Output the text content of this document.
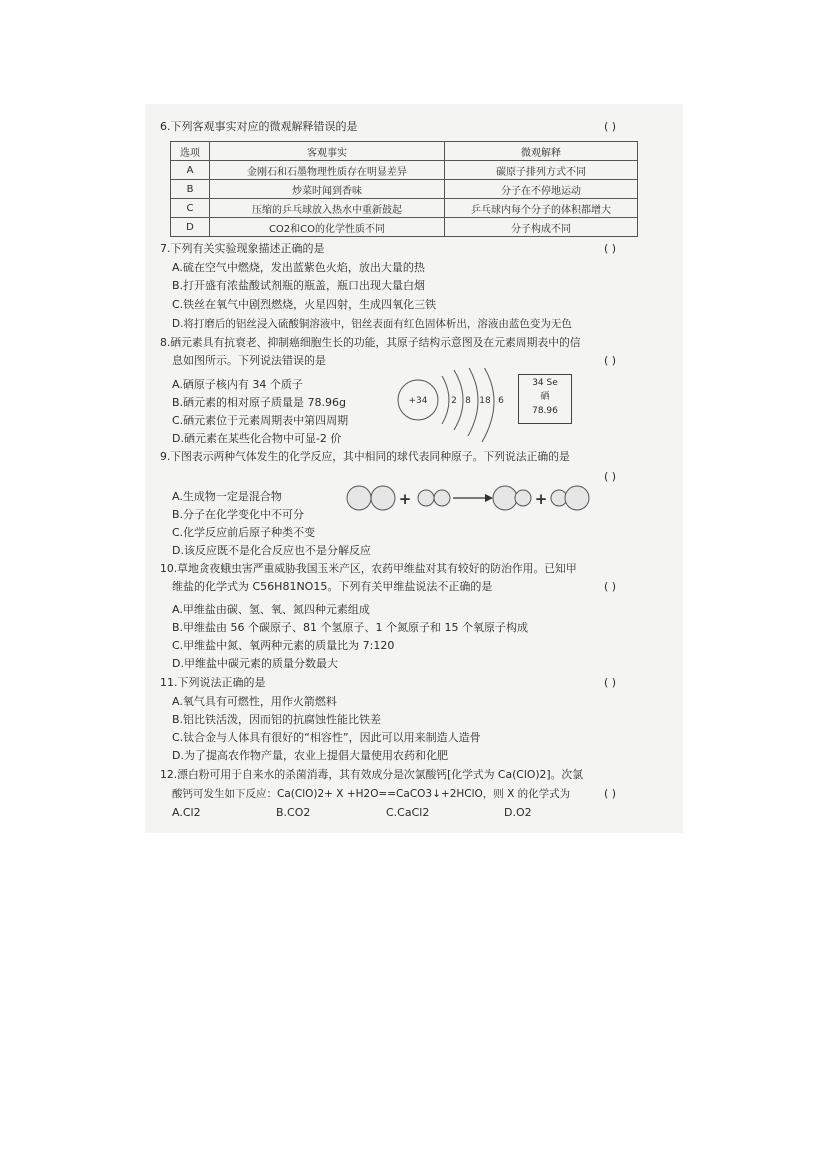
6.下列客观事实对应的微观解释错误的是	( )
选项	客观事实	微观解释
A	金刚石和石墨物理性质存在明显差异	碳原子排列方式不同
B	炒菜时闻到香味	分子在不停地运动
C	压缩的乒乓球放入热水中重新鼓起	乒乓球内每个分子的体积都增大
D	CO2和CO的化学性质不同	分子构成不同
7.下列有关实验现象描述正确的是	( )
A.硫在空气中燃烧，发出蓝紫色火焰，放出大量的热
B.打开盛有浓盐酸试剂瓶的瓶盖，瓶口出现大量白烟
C.铁丝在氧气中剧烈燃烧，火星四射，生成四氧化三铁
D.将打磨后的铝丝浸入硫酸铜溶液中，铝丝表面有红色固体析出，溶液由蓝色变为无色
8.硒元素具有抗衰老、抑制癌细胞生长的功能，其原子结构示意图及在元素周期表中的信
息如图所示。下列说法错误的是	( )
A.硒原子核内有 34 个质子
B.硒元素的相对原子质量是 78.96g
C.硒元素位于元素周期表中第四周期
D.硒元素在某些化合物中可显-2 价
+34	2 8 18 6
34 Se
硒
78.96
9.下图表示两种气体发生的化学反应，其中相同的球代表同种原子。下列说法正确的是
( )
A.生成物一定是混合物
B.分子在化学变化中不可分
C.化学反应前后原子种类不变
D.该反应既不是化合反应也不是分解反应
+	+
10.草地贪夜蛾虫害严重威胁我国玉米产区，农药甲维盐对其有较好的防治作用。已知甲
维盐的化学式为 C56H81NO15。下列有关甲维盐说法不正确的是	( )
A.甲维盐由碳、氢、氧、氮四种元素组成
B.甲维盐由 56 个碳原子、81 个氢原子、1 个氮原子和 15 个氧原子构成
C.甲维盐中氮、氧两种元素的质量比为 7:120
D.甲维盐中碳元素的质量分数最大
11.下列说法正确的是	( )
A.氧气具有可燃性，用作火箭燃料
B.铝比铁活泼，因而铝的抗腐蚀性能比铁差
C.钛合金与人体具有很好的“相容性”，因此可以用来制造人造骨
D.为了提高农作物产量，农业上提倡大量使用农药和化肥
12.漂白粉可用于自来水的杀菌消毒，其有效成分是次氯酸钙[化学式为 Ca(ClO)2]。次氯
酸钙可发生如下反应：Ca(ClO)2+ X +H2O==CaCO3↓+2HClO，则 X 的化学式为	( )
A.Cl2	B.CO2	C.CaCl2	D.O2
